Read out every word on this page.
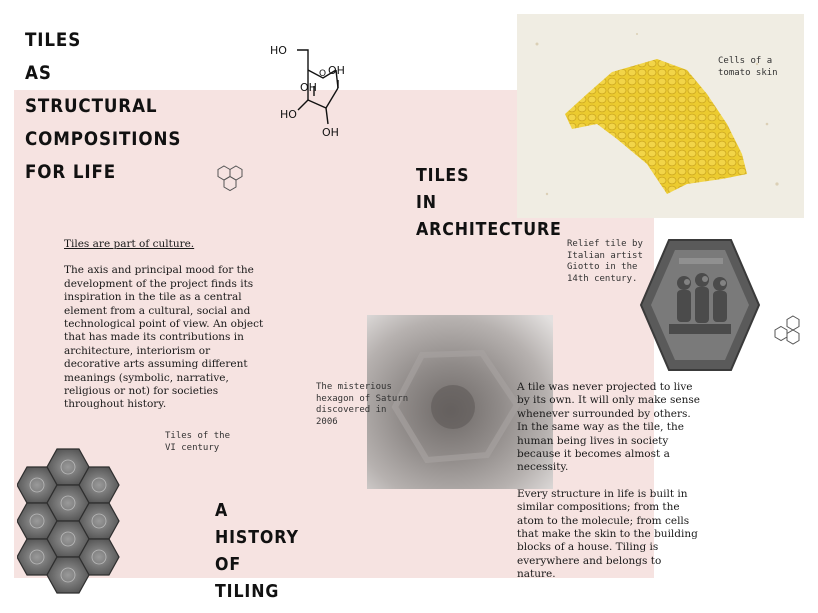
TILES
AS
STRUCTURAL
COMPOSITIONS
FOR LIFE
HO
OH
O
OH
HO
OH
Cells of a
tomato skin
TILES
IN
ARCHITECTURE

Tiles are part of culture.

The axis and principal mood for the development of the project finds its inspiration in the tile as a central element from a cultural, social and technological point of view. An object that has made its contributions in architecture, interiorism or decorative arts assuming different meanings (symbolic, narrative, religious or not) for societies throughout history.

Relief tile by
Italian artist
Giotto in the
14th century.
The misterious
hexagon of Saturn
discovered in
2006

A tile was never projected to live by its own. It will only make sense whenever surrounded by others. In the same way as the tile, the human being lives in society because it becomes almost a necessity.

Every structure in life is built in similar compositions; from the atom to the molecule; from cells that make the skin to the building blocks of a house. Tiling is everywhere and belongs to nature.

Tiles of the
VI century
A
HISTORY
OF
TILING
